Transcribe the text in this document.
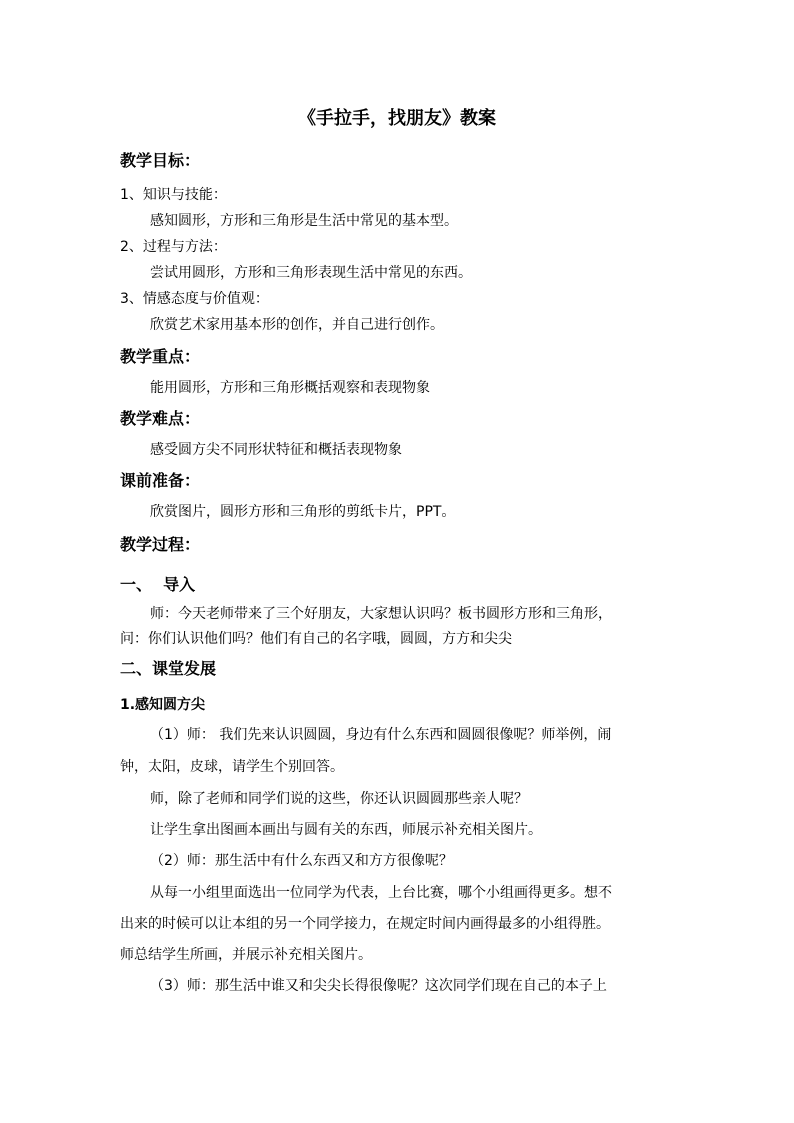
《手拉手，找朋友》教案
教学目标：
1、知识与技能：
感知圆形，方形和三角形是生活中常见的基本型。
2、过程与方法：
尝试用圆形，方形和三角形表现生活中常见的东西。
3、情感态度与价值观：
欣赏艺术家用基本形的创作，并自己进行创作。
教学重点：
能用圆形，方形和三角形概括观察和表现物象
教学难点：
感受圆方尖不同形状特征和概括表现物象
课前准备：
欣赏图片，圆形方形和三角形的剪纸卡片，PPT。
教学过程：
一、  导入
师：今天老师带来了三个好朋友，大家想认识吗？板书圆形方形和三角形，
问：你们认识他们吗？他们有自己的名字哦，圆圆，方方和尖尖
二、课堂发展
1.感知圆方尖
（1）师： 我们先来认识圆圆，身边有什么东西和圆圆很像呢？师举例，闹
钟，太阳，皮球，请学生个别回答。
师，除了老师和同学们说的这些，你还认识圆圆那些亲人呢？
让学生拿出图画本画出与圆有关的东西，师展示补充相关图片。
（2）师：那生活中有什么东西又和方方很像呢？
从每一小组里面选出一位同学为代表，上台比赛，哪个小组画得更多。想不
出来的时候可以让本组的另一个同学接力，在规定时间内画得最多的小组得胜。
师总结学生所画，并展示补充相关图片。
（3）师：那生活中谁又和尖尖长得很像呢？这次同学们现在自己的本子上
